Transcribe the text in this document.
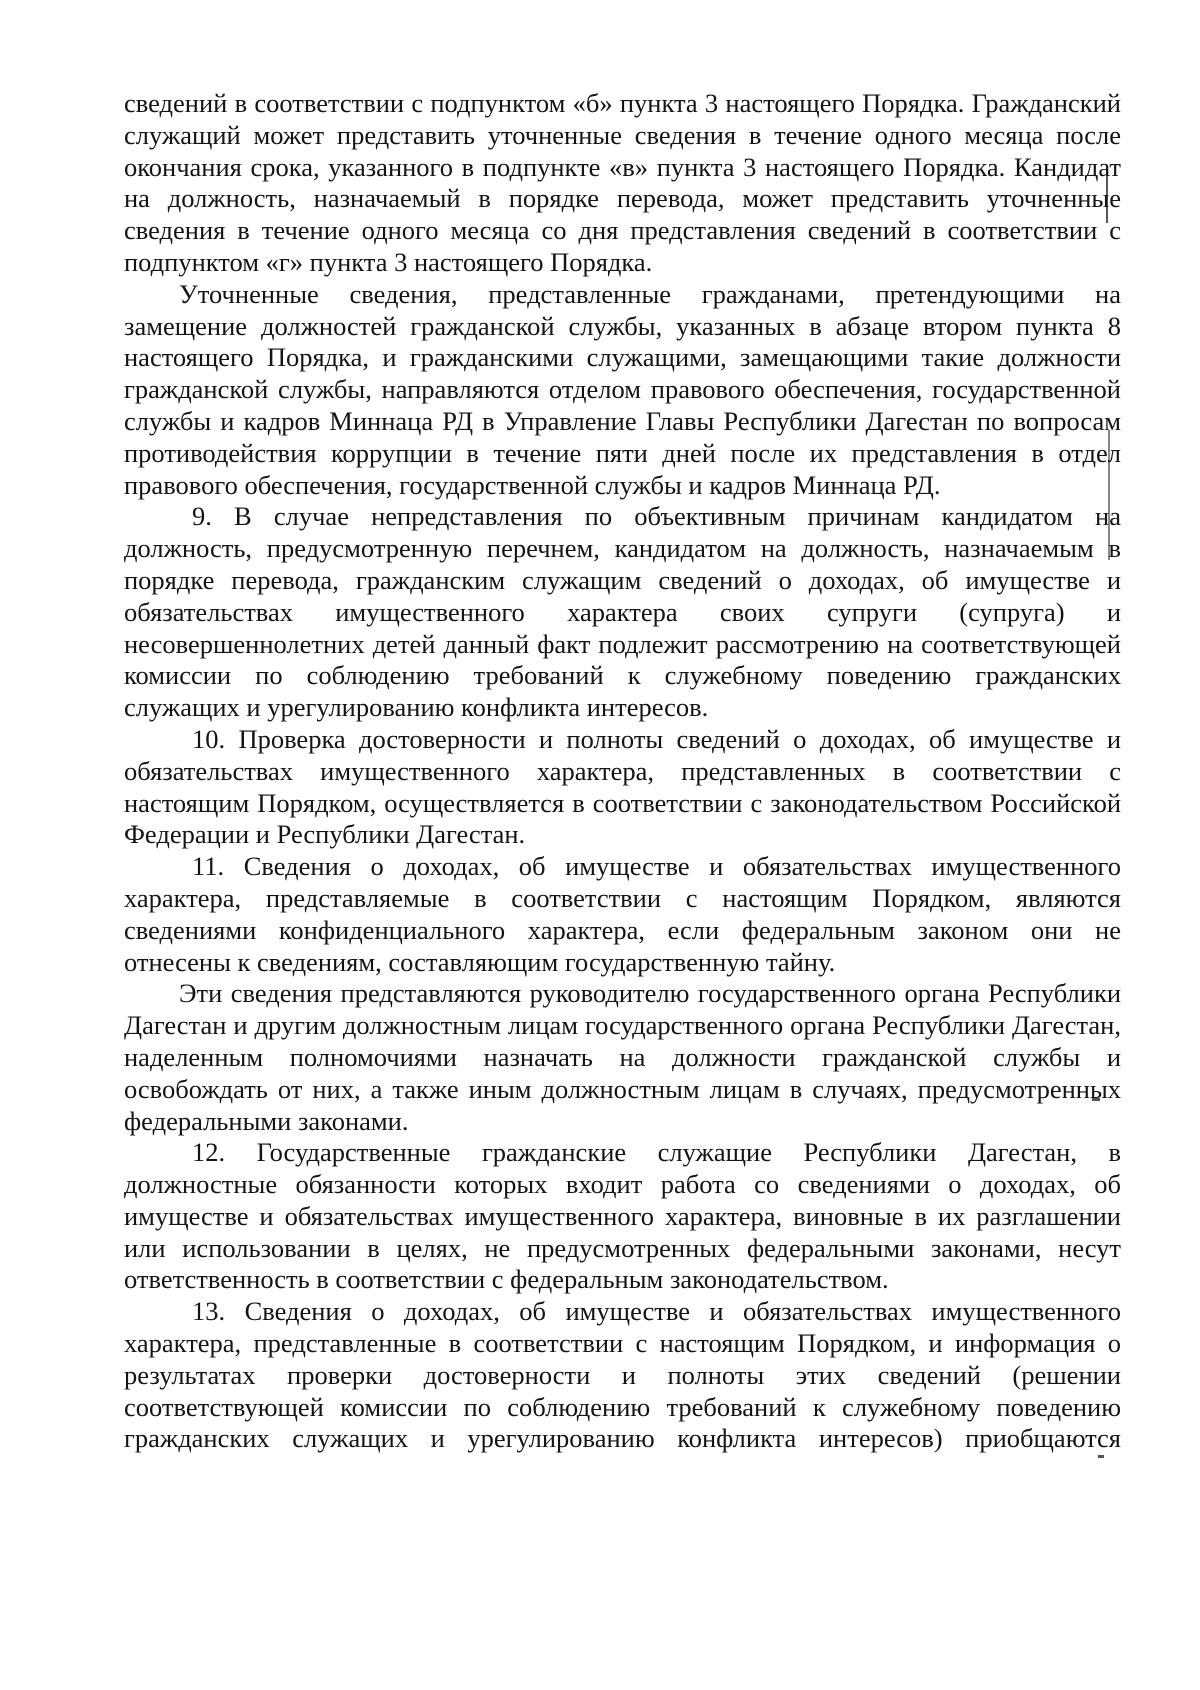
сведений в соответствии с подпунктом «б» пункта 3 настоящего Порядка. Гражданский служащий может представить уточненные сведения в течение одного месяца после окончания срока, указанного в подпункте «в» пункта 3 настоящего Порядка. Кандидат на должность, назначаемый в порядке перевода, может представить уточненные сведения в течение одного месяца со дня представления сведений в соответствии с подпунктом «г» пункта 3 настоящего Порядка.

Уточненные сведения, представленные гражданами, претендующими на замещение должностей гражданской службы, указанных в абзаце втором пункта 8 настоящего Порядка, и гражданскими служащими, замещающими такие должности гражданской службы, направляются отделом правового обеспечения, государственной службы и кадров Миннаца РД в Управление Главы Республики Дагестан по вопросам противодействия коррупции в течение пяти дней после их представления в отдел правового обеспечения, государственной службы и кадров Миннаца РД.

9. В случае непредставления по объективным причинам кандидатом на должность, предусмотренную перечнем, кандидатом на должность, назначаемым в порядке перевода, гражданским служащим сведений о доходах, об имуществе и обязательствах имущественного характера своих супруги (супруга) и несовершеннолетних детей данный факт подлежит рассмотрению на соответствующей комиссии по соблюдению требований к служебному поведению гражданских служащих и урегулированию конфликта интересов.

10. Проверка достоверности и полноты сведений о доходах, об имуществе и обязательствах имущественного характера, представленных в соответствии с настоящим Порядком, осуществляется в соответствии с законодательством Российской Федерации и Республики Дагестан.

11. Сведения о доходах, об имуществе и обязательствах имущественного характера, представляемые в соответствии с настоящим Порядком, являются сведениями конфиденциального характера, если федеральным законом они не отнесены к сведениям, составляющим государственную тайну.

Эти сведения представляются руководителю государственного органа Республики Дагестан и другим должностным лицам государственного органа Республики Дагестан, наделенным полномочиями назначать на должности гражданской службы и освобождать от них, а также иным должностным лицам в случаях, предусмотренных федеральными законами.

12. Государственные гражданские служащие Республики Дагестан, в должностные обязанности которых входит работа со сведениями о доходах, об имуществе и обязательствах имущественного характера, виновные в их разглашении или использовании в целях, не предусмотренных федеральными законами, несут ответственность в соответствии с федеральным законодательством.

13. Сведения о доходах, об имуществе и обязательствах имущественного характера, представленные в соответствии с настоящим Порядком, и информация о результатах проверки достоверности и полноты этих сведений (решении соответствующей комиссии по соблюдению требований к служебному поведению гражданских служащих и урегулированию конфликта интересов) приобщаются
